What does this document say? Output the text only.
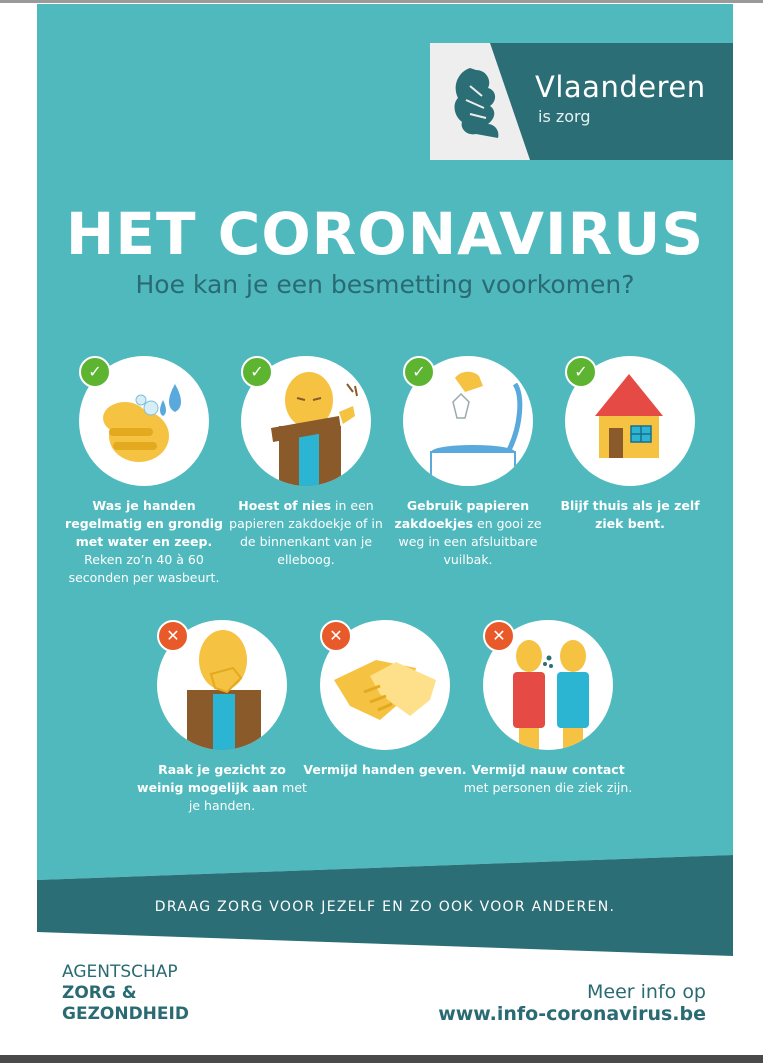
Vlaanderen
is zorg
HET CORONAVIRUS
Hoe kan je een besmetting voorkomen?
✓
Was je handen regelmatig en grondig met water en zeep. Reken zo’n 40 à 60 seconden per wasbeurt.
✓
Hoest of nies in een papieren zakdoekje of in de binnenkant van je elleboog.
✓
Gebruik papieren zakdoekjes en gooi ze weg in een afsluitbare vuilbak.
✓
Blijf thuis als je zelf ziek bent.
✕
Raak je gezicht zo weinig mogelijk aan met je handen.
✕
Vermijd handen geven.
✕
Vermijd nauw contact met personen die ziek zijn.
DRAAG ZORG VOOR JEZELF EN ZO OOK VOOR ANDEREN.
AGENTSCHAP
ZORG &
GEZONDHEID
Meer info op
www.info-coronavirus.be
